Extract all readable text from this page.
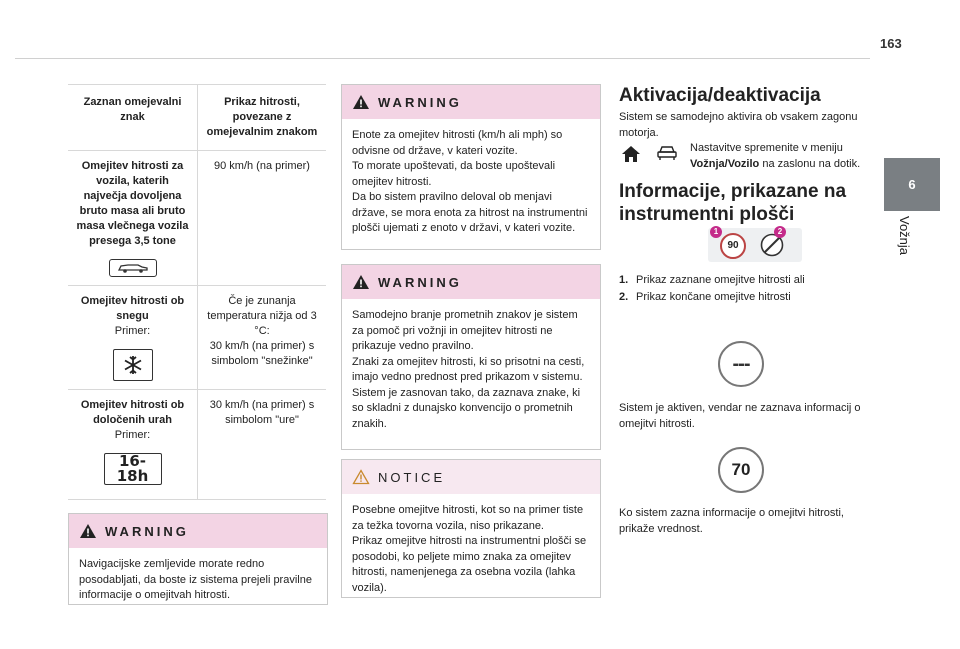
163
6
Vožnja
Zaznan omejevalni znak
Prikaz hitrosti, povezane z omejevalnim znakom
Omejitev hitrosti za vozila, katerih največja dovoljena bruto masa ali bruto masa vlečnega vozila presega 3,5 tone
90 km/h (na primer)
Omejitev hitrosti ob snegu
Primer:
Če je zunanja temperatura nižja od 3 °C:
30 km/h (na primer) s simbolom "snežinke"
Omejitev hitrosti ob določenih urah
Primer:
16-18h
30 km/h (na primer) s simbolom "ure"
WARNING
Navigacijske zemljevide morate redno posodabljati, da boste iz sistema prejeli pravilne informacije o omejitvah hitrosti.
WARNING
Enote za omejitev hitrosti (km/h ali mph) so odvisne od države, v kateri vozite.
To morate upoštevati, da boste upoštevali omejitev hitrosti.
Da bo sistem pravilno deloval ob menjavi države, se mora enota za hitrost na instrumentni plošči ujemati z enoto v državi, v kateri vozite.
WARNING
Samodejno branje prometnih znakov je sistem za pomoč pri vožnji in omejitev hitrosti ne prikazuje vedno pravilno.
Znaki za omejitev hitrosti, ki so prisotni na cesti, imajo vedno prednost pred prikazom v sistemu.
Sistem je zasnovan tako, da zaznava znake, ki so skladni z dunajsko konvencijo o prometnih znakih.
NOTICE
Posebne omejitve hitrosti, kot so na primer tiste za težka tovorna vozila, niso prikazane.
Prikaz omejitve hitrosti na instrumentni plošči se posodobi, ko peljete mimo znaka za omejitev hitrosti, namenjenega za osebna vozila (lahka vozila).
Aktivacija/deaktivacija
Sistem se samodejno aktivira ob vsakem zagonu motorja.
Nastavitve spremenite v meniju Vožnja/Vozilo na zaslonu na dotik.
Informacije, prikazane na instrumentni plošči
90
1	2
1. Prikaz zaznane omejitve hitrosti ali
2. Prikaz končane omejitve hitrosti
---
Sistem je aktiven, vendar ne zaznava informacij o omejitvi hitrosti.
70
Ko sistem zazna informacije o omejitvi hitrosti, prikaže vrednost.
